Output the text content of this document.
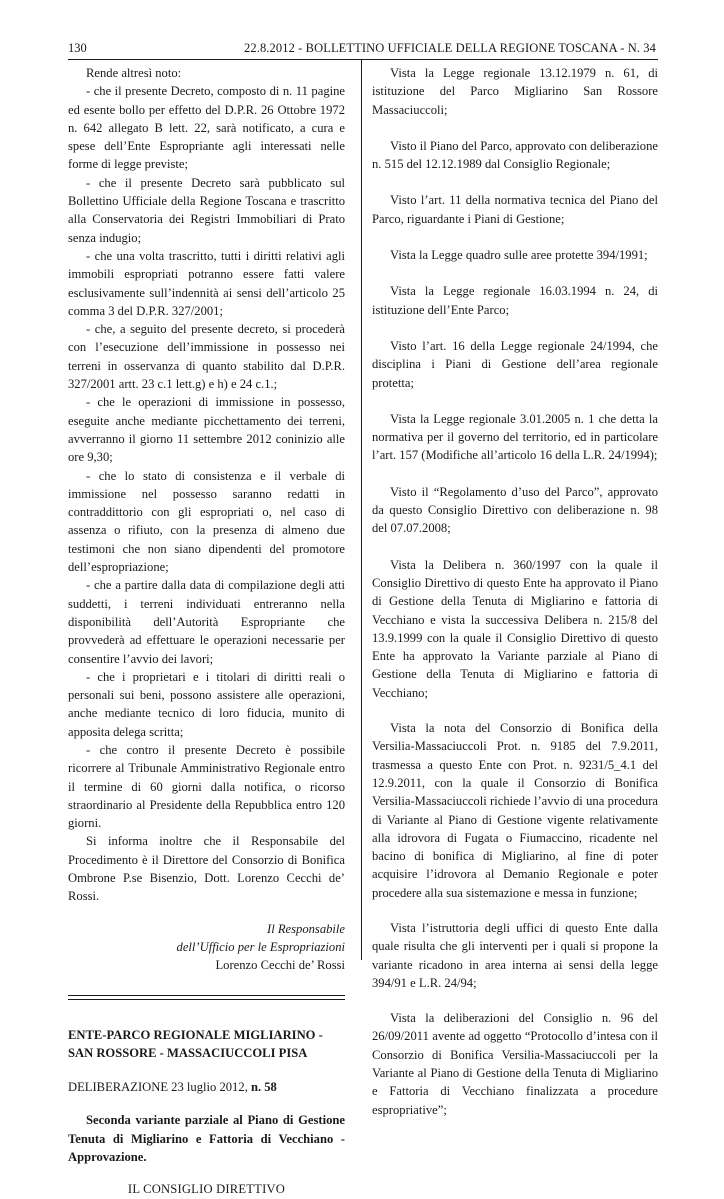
130	22.8.2012 - BOLLETTINO UFFICIALE DELLA REGIONE TOSCANA - N. 34

Rende altresì noto:

- che il presente Decreto, composto di n. 11 pagine ed esente bollo per effetto del D.P.R. 26 Ottobre 1972 n. 642 allegato B lett. 22, sarà notificato, a cura e spese dell’Ente Espropriante agli interessati nelle forme di legge previste;

- che il presente Decreto sarà pubblicato sul Bollettino Ufficiale della Regione Toscana e trascritto alla Conservatoria dei Registri Immobiliari di Prato senza indugio;

- che una volta trascritto, tutti i diritti relativi agli immobili espropriati potranno essere fatti valere esclusivamente sull’indennità ai sensi dell’articolo 25 comma 3 del D.P.R. 327/2001;

- che, a seguito del presente decreto, si procederà con l’esecuzione dell’immissione in possesso nei terreni in osservanza di quanto stabilito dal D.P.R. 327/2001 artt. 23 c.1 lett.g) e h) e 24 c.1.;

- che le operazioni di immissione in possesso, eseguite anche mediante picchettamento dei terreni, avverranno il giorno 11 settembre 2012 coninizio alle ore 9,30;

- che lo stato di consistenza e il verbale di immissione nel possesso saranno redatti in contraddittorio con gli espropriati o, nel caso di assenza o rifiuto, con la presenza di almeno due testimoni che non siano dipendenti del promotore dell’espropriazione;

- che a partire dalla data di compilazione degli atti suddetti, i terreni individuati entreranno nella disponibilità dell’Autorità Espropriante che provvederà ad effettuare le operazioni necessarie per consentire l’avvio dei lavori;

- che i proprietari e i titolari di diritti reali o personali sui beni, possono assistere alle operazioni, anche mediante tecnico di loro fiducia, munito di apposita delega scritta;

- che contro il presente Decreto è possibile ricorrere al Tribunale Amministrativo Regionale entro il termine di 60 giorni dalla notifica, o ricorso straordinario al Presidente della Repubblica entro 120 giorni.

Si informa inoltre che il Responsabile del Procedimento è il Direttore del Consorzio di Bonifica Ombrone P.se Bisenzio, Dott. Lorenzo Cecchi de’ Rossi.

Il Responsabile
dell’Ufficio per le Espropriazioni
Lorenzo Cecchi de’ Rossi
ENTE-PARCO REGIONALE MIGLIARINO - SAN ROSSORE - MASSACIUCCOLI PISA
DELIBERAZIONE 23 luglio 2012, n. 58
Seconda variante parziale al Piano di Gestione Tenuta di Migliarino e Fattoria di Vecchiano - Approvazione.
IL CONSIGLIO DIRETTIVO

Vista la Legge regionale 13.12.1979 n. 61, di istituzione del Parco Migliarino San Rossore Massaciuccoli;

Visto il Piano del Parco, approvato con deliberazione n. 515 del 12.12.1989 dal Consiglio Regionale;

Visto l’art. 11 della normativa tecnica del Piano del Parco, riguardante i Piani di Gestione;

Vista la Legge quadro sulle aree protette 394/1991;

Vista la Legge regionale 16.03.1994 n. 24, di istituzione dell’Ente Parco;

Visto l’art. 16 della Legge regionale 24/1994, che disciplina i Piani di Gestione dell’area regionale protetta;

Vista la Legge regionale 3.01.2005 n. 1 che detta la normativa per il governo del territorio, ed in particolare l’art. 157 (Modifiche all’articolo 16 della L.R. 24/1994);

Visto il “Regolamento d’uso del Parco”, approvato da questo Consiglio Direttivo con deliberazione n. 98 del 07.07.2008;

Vista la Delibera n. 360/1997 con la quale il Consiglio Direttivo di questo Ente ha approvato il Piano di Gestione della Tenuta di Migliarino e fattoria di Vecchiano e vista la successiva Delibera n. 215/8 del 13.9.1999 con la quale il Consiglio Direttivo di questo Ente ha approvato la Variante parziale al Piano di Gestione della Tenuta di Migliarino e fattoria di Vecchiano;

Vista la nota del Consorzio di Bonifica della Versilia-Massaciuccoli Prot. n. 9185 del 7.9.2011, trasmessa a questo Ente con Prot. n. 9231/5_4.1 del 12.9.2011, con la quale il Consorzio di Bonifica Versilia-Massaciuccoli richiede l’avvio di una procedura di Variante al Piano di Gestione vigente relativamente alla idrovora di Fugata o Fiumaccino, ricadente nel bacino di bonifica di Migliarino, al fine di poter acquisire l’idrovora al Demanio Regionale e poter procedere alla sua sistemazione e messa in funzione;

Vista l’istruttoria degli uffici di questo Ente dalla quale risulta che gli interventi per i quali si propone la variante ricadono in area interna ai sensi della legge 394/91 e L.R. 24/94;

Vista la deliberazioni del Consiglio n. 96 del 26/09/2011 avente ad oggetto “Protocollo d’intesa con il Consorzio di Bonifica Versilia-Massaciuccoli per la Variante al Piano di Gestione della Tenuta di Migliarino e Fattoria di Vecchiano finalizzata a procedure espropriative”;
